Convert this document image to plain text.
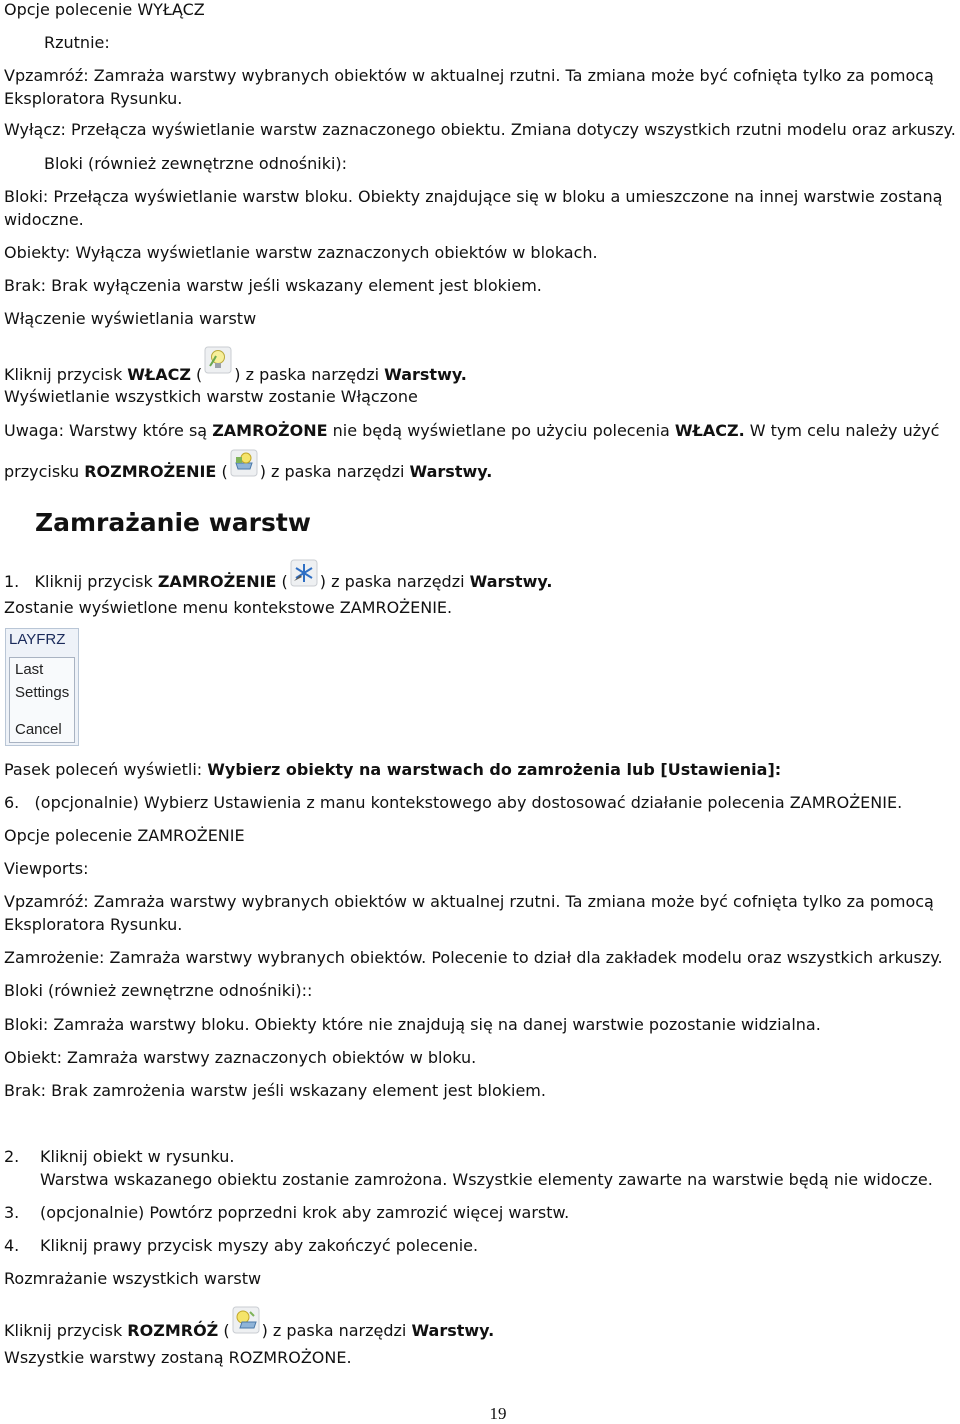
Opcje polecenie WYŁĄCZ
Rzutnie:
Vpzamróź: Zamraża warstwy wybranych obiektów w aktualnej rzutni. Ta zmiana może być cofnięta tylko za pomocą
Eksploratora Rysunku.
Wyłącz: Przełącza wyświetlanie warstw zaznaczonego obiektu. Zmiana dotyczy wszystkich rzutni modelu oraz arkuszy.
Bloki (również zewnętrzne odnośniki):
Bloki: Przełącza wyświetlanie warstw bloku. Obiekty znajdujące się w bloku a umieszczone na innej warstwie zostaną
widoczne.
Obiekty: Wyłącza wyświetlanie warstw zaznaczonych obiektów w blokach.
Brak: Brak wyłączenia warstw jeśli wskazany element jest blokiem.
Włączenie wyświetlania warstw
Kliknij przycisk WŁACZ ( ) z paska narzędzi Warstwy.
Wyświetlanie wszystkich warstw zostanie Włączone
Uwaga: Warstwy które są ZAMROŻONE nie będą wyświetlane po użyciu polecenia WŁACZ. W tym celu należy użyć
przycisku ROZMROŻENIE ( ) z paska narzędzi Warstwy.
Zamrażanie warstw
1. Kliknij przycisk ZAMROŻENIE ( ) z paska narzędzi Warstwy.
Zostanie wyświetlone menu kontekstowe ZAMROŻENIE.
LAYFRZ
Last
Settings
Cancel
Pasek poleceń wyświetli: Wybierz obiekty na warstwach do zamrożenia lub [Ustawienia]:
6. (opcjonalnie) Wybierz Ustawienia z manu kontekstowego aby dostosować działanie polecenia ZAMROŻENIE.
Opcje polecenie ZAMROŻENIE
Viewports:
Vpzamróź: Zamraża warstwy wybranych obiektów w aktualnej rzutni. Ta zmiana może być cofnięta tylko za pomocą
Eksploratora Rysunku.
Zamrożenie: Zamraża warstwy wybranych obiektów. Polecenie to dział dla zakładek modelu oraz wszystkich arkuszy.
Bloki (również zewnętrzne odnośniki)::
Bloki: Zamraża warstwy bloku. Obiekty które nie znajdują się na danej warstwie pozostanie widzialna.
Obiekt: Zamraża warstwy zaznaczonych obiektów w bloku.
Brak: Brak zamrożenia warstw jeśli wskazany element jest blokiem.
2. Kliknij obiekt w rysunku.
Warstwa wskazanego obiektu zostanie zamrożona. Wszystkie elementy zawarte na warstwie będą nie widocze.
3. (opcjonalnie) Powtórz poprzedni krok aby zamrozić więcej warstw.
4. Kliknij prawy przycisk myszy aby zakończyć polecenie.
Rozmrażanie wszystkich warstw
Kliknij przycisk ROZMRÓŹ ( ) z paska narzędzi Warstwy.
Wszystkie warstwy zostaną ROZMROŻONE.
19
